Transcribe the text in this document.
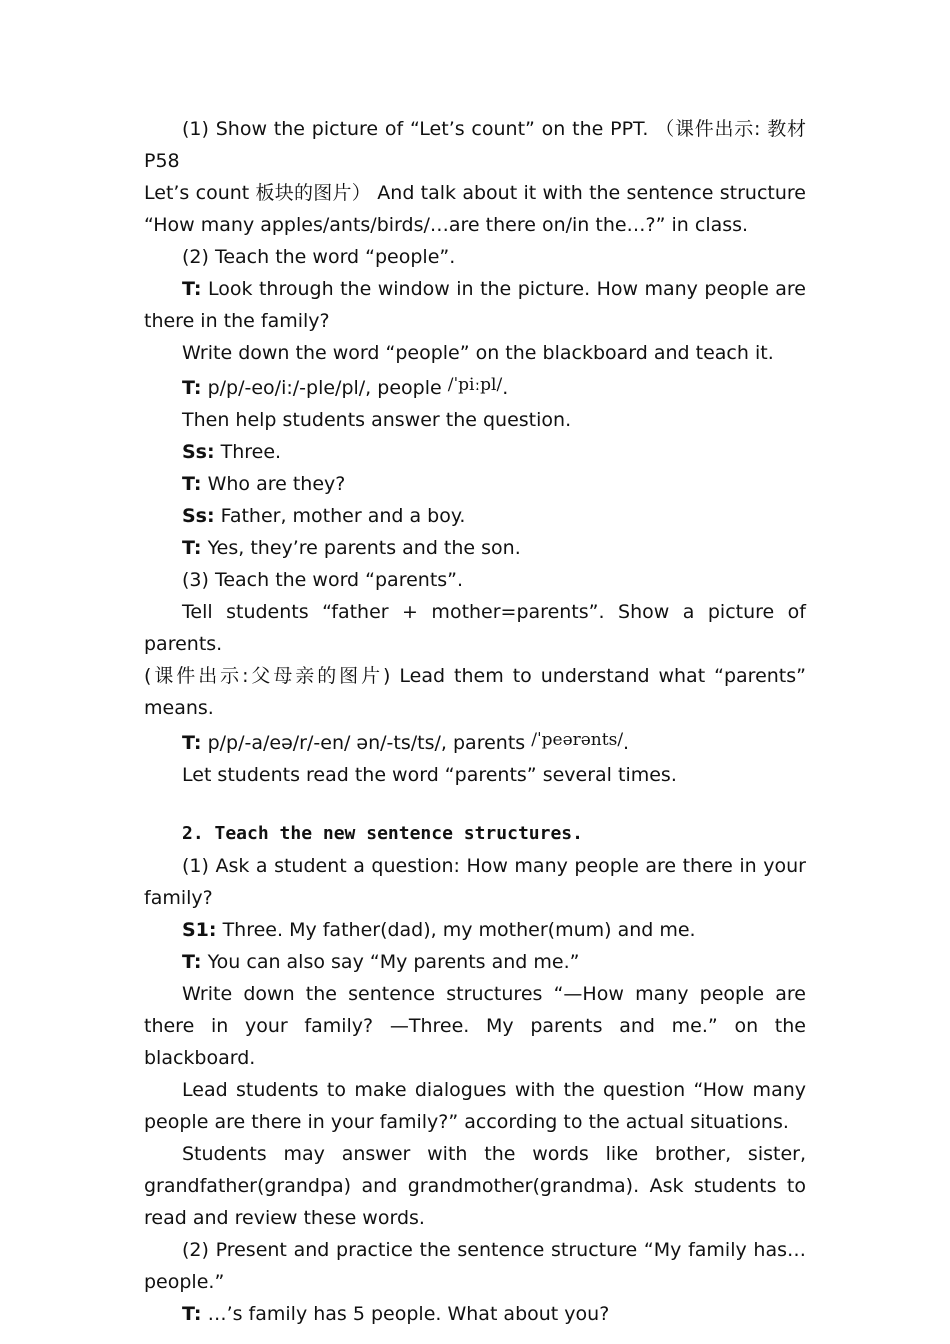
(1) Show the picture of “Let’s count” on the PPT. （课件出示: 教材 P58

Let’s count 板块的图片） And talk about it with the sentence structure

“How many apples/ants/birds/…are there on/in the…?” in class.

(2) Teach the word “people”.

T: Look through the window in the picture. How many people are there in the family?

Write down the word “people” on the blackboard and teach it.

T: p/p/-eo/i:/-ple/pl/, people /ˈpiːpl/.

Then help students answer the question.

Ss: Three.

T: Who are they?

Ss: Father, mother and a boy.

T: Yes, they’re parents and the son.

(3) Teach the word “parents”.

Tell students “father + mother=parents”. Show a picture of parents.

(课件出示:父母亲的图片) Lead them to understand what “parents” means.

T: p/p/-a/eə/r/-en/ ən/-ts/ts/, parents /ˈpeərənts/.

Let students read the word “parents” several times.

2. Teach the new sentence structures.

(1) Ask a student a question: How many people are there in your family?

S1: Three. My father(dad), my mother(mum) and me.

T: You can also say “My parents and me.”

Write down the sentence structures “—How many people are there in your family? —Three. My parents and me.” on the blackboard.

Lead students to make dialogues with the question “How many people are there in your family?” according to the actual situations.

Students may answer with the words like brother, sister, grandfather(grandpa) and grandmother(grandma). Ask students to read and review these words.

(2) Present and practice the sentence structure “My family has… people.”

T: …’s family has 5 people. What about you?
